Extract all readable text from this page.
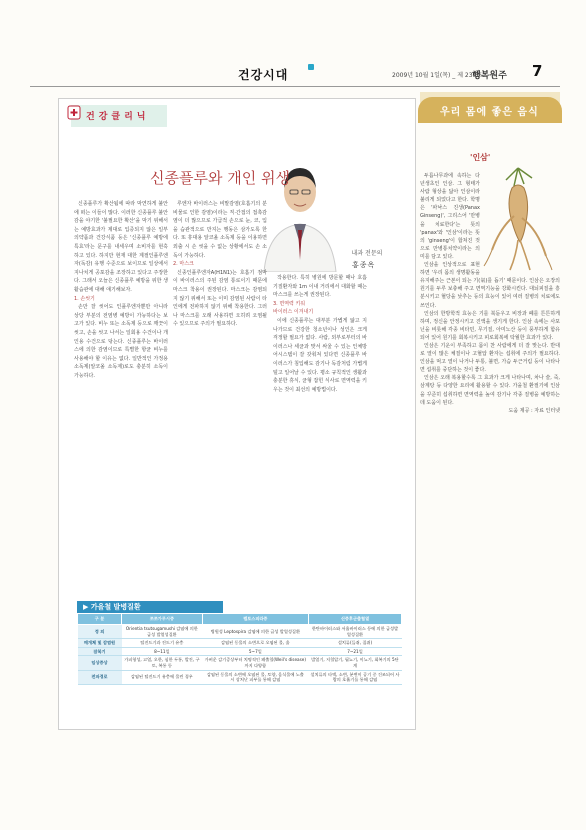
건강시대	2009년 10월 1일(목) _ 제 238호
행복원주 7
건강클리닉
내과 전문의
홍종옥
신종플루와 개인 위생

신종플루가 확산됨에 따라 막연하게 불안에 떠는 이들이 많다. 이러한 신종플루 불안감을 야기한 '불필요한 확산'을 막기 위해서는 예방효과가 제대로 입증되지 않은 일부 의약품과 건강식품 등은 '신종플루 예방에 특효'라는 문구를 내세우며 소비자를 현혹하고 있다. 하지만 현재 대한 계절인플루엔자(독감) 유행 수준으로 보이므로 일상에서 지나치게 공포감을 조장하고 있다고 주장한다. 그래서 오늘은 신종플루 예방을 위한 생활습관에 대해 얘기해보자.

1. 손씻기

손만 잘 씻어도 인플루엔자뿐만 아니라 상당 부분의 전염병 예방이 가능하다는 보고가 있다. 비누 또는 소독제 등으로 깨끗이 씻고, 손을 씻고 나서는 일회용 수건이나 개인용 수건으로 닦는다. 신종플루는 바이러스에 의한 감염이므로 특별한 항균 비누를 사용해야 할 이유는 없다. 일반적인 가정용 소독제(알코올 소독제)로도 충분히 소독이 가능하다.

루엔자 바이러스는 비말감염(호흡기의 분비물로 인한 감염)이라는 직·간접의 접촉감염이 더 많으므로 가급적 손으로 눈, 코, 입을 습관적으로 만지는 행동은 삼가도록 한다. 또 휴대용 알코올 소독제 등을 이용하면 외출 시 손 씻을 수 없는 상황에서도 손 소독이 가능하다.

2. 마스크

신종인플루엔자A(H1N1)는 호흡기 점막이 바이러스의 주된 감염 통로이기 때문에 마스크 착용이 권장된다. 마스크는 감염되지 않기 위해서 또는 이미 감염된 사람이 타인에게 전파하지 않기 위해 착용한다. 그러나 마스크를 오래 사용하면 오히려 오염될 수 있으므로 주의가 필요하다.

작용한다. 특히 병원에 방문할 때나 호흡기질환자와 1m 이내 거리에서 대화할 때는 마스크를 쓰는게 권장된다.

3. 면역력 키워

바이러스 이겨내기

이에 신종플루는 대부분 가볍게 앓고 지나가므로 건강한 청소년이나 성인은 크게 걱정할 필요가 없다. 사람, 외부로부터의 바이러스나 세균과 맞서 싸울 수 있는 인체방어시스템이 잘 갖춰져 있다면 신종플루 바이러스가 침입해도 감기나 독감처럼 가볍게 털고 일어날 수 있다. 평소 규칙적인 생활과 충분한 휴식, 균형 잡힌 식사로 면역력을 키우는 것이 최선의 예방법이다.

▶ 가을철 발병질환
구 분	쯔쯔가무시증	렙토스피라증	신증후군출혈열
정 의	Orientia tsutsugamushi 감염에 의한 급성 발열성질환	병원성 Leptospira 감염에 의한 급성 발열성질환	한탄바이러스와 서울바이러스 등에 의한 급성발열성질환
매개체 및 감염원	털진드기과 진드기 유충	감염된 동물의 소변으로 오염된 물, 흙	설치류(들쥐, 집쥐)
잠복기	8~11일	5~7일	7~21일
임상증상	가피형성, 고열, 오한, 심한 두통, 발진, 구토, 복통 등	가벼운 감기증상부터 치명적인 폐출혈(Weil's disease)까지 다양함	발열기, 저혈압기, 핍뇨기, 이뇨기, 회복기의 5단계
전파경로	감염된 털진드기 유충에 물린 경우	감염된 동물의 소변에 오염된 물, 토양, 음식물에 노출 시 상처난 피부를 통해 감염	설치류의 타액, 소변, 분변이 공기 중 건조되어 사람의 호흡기를 통해 감염
우리 몸에 좋은 음식
'인삼'

두릅나무과에 속하는 다년생초인 인삼. 그 형태가 사람 형상을 닮아 인삼이라 불리게 되었다고 한다. 학명은 '파낙스 진생(Panax Ginseng)', 그리스어 '만병을 치료한다'는 뜻의 'panax'와 '인삼'이라는 뜻의 'ginseng'이 합쳐진 것으로 만병통치약이라는 의미를 담고 있다.

인삼을 인상적으로 표현하면 '우리 몸의 생명활동을 유지해주는 근본이 되는 기(氣)를 돕기' 때문이다. 인삼은 오장의 원기를 두루 보충해 주고 면역기능을 강화시킨다. 대뇌피질을 흥분시키고 혈당을 낮추는 등의 효능이 있어 여러 질병의 치료에도 쓰인다.

인삼의 한방학적 효능은 기를 북돋우고 비장과 폐를 튼튼하게 하며, 정신을 안정시키고 진액을 생기게 한다. 인삼 속에는 사포닌을 비롯해 각종 비타민, 무기질, 아미노산 등이 풍부하게 함유되어 있어 원기를 회복시키고 피로회복에 탁월한 효과가 있다.

인삼은 기운이 부족하고 몸이 찬 사람에게 더 잘 맞는다. 반대로 열이 많은 체질이나 고혈압 환자는 섭취에 주의가 필요하다. 인삼을 먹고 열이 나거나 두통, 불면, 가슴 두근거림 등이 나타나면 섭취를 중단하는 것이 좋다.

인삼은 오래 복용할수록 그 효과가 크게 나타나며, 차나 술, 죽, 삼계탕 등 다양한 요리에 활용할 수 있다. 가을철 환절기에 인삼을 꾸준히 섭취하면 면역력을 높여 감기나 각종 질병을 예방하는 데 도움이 된다.

도움 제공 : 자료 인터넷
